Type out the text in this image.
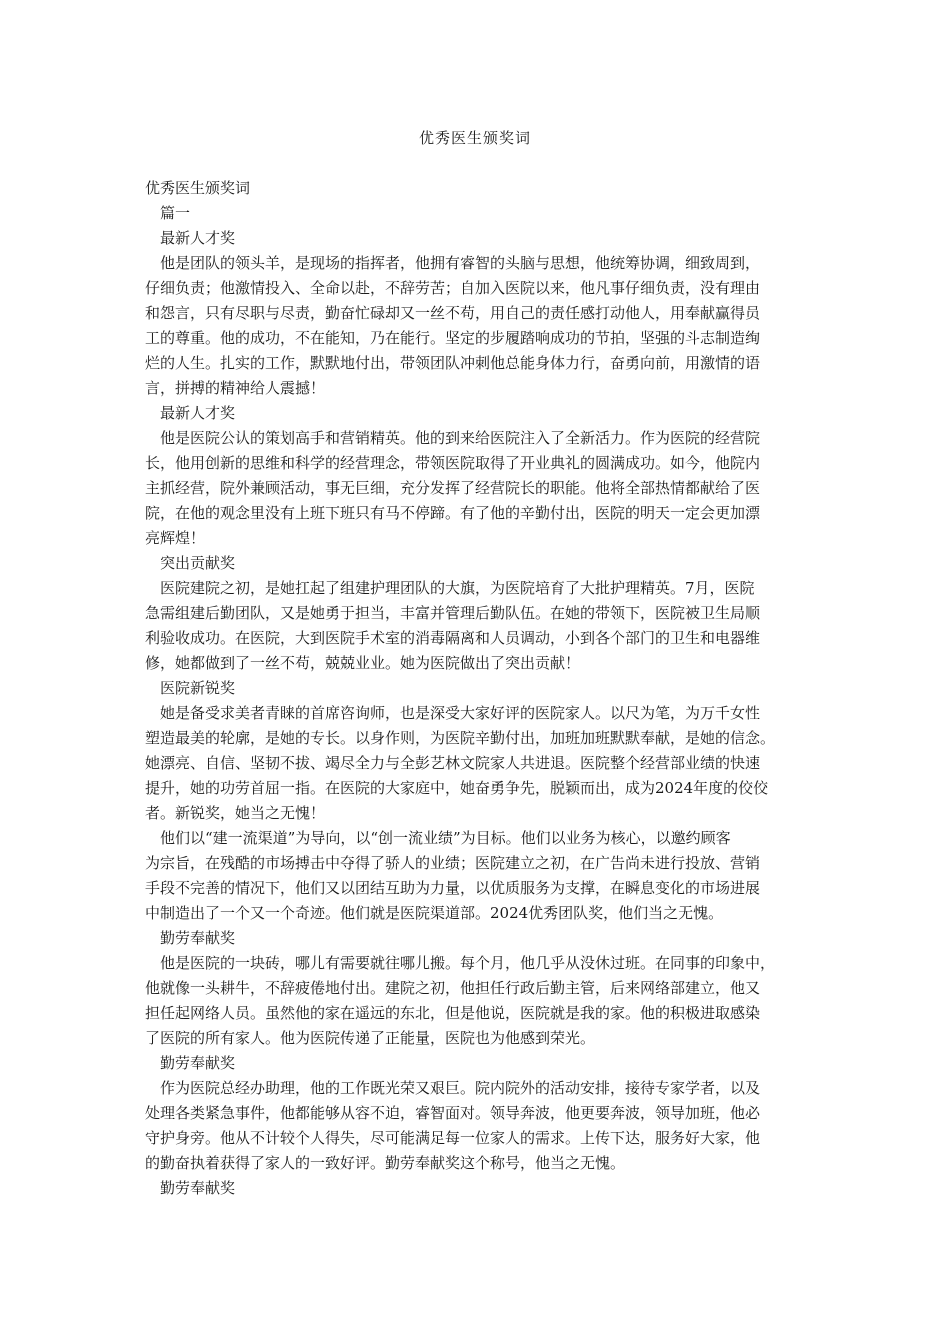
优秀医生颁奖词
优秀医生颁奖词
篇一
最新人才奖
他是团队的领头羊，是现场的指挥者，他拥有睿智的头脑与思想，他统筹协调，细致周到，
仔细负责；他激情投入、全命以赴，不辞劳苦；自加入医院以来，他凡事仔细负责，没有理由
和怨言，只有尽职与尽责，勤奋忙碌却又一丝不苟，用自己的责任感打动他人，用奉献赢得员
工的尊重。他的成功，不在能知，乃在能行。坚定的步履踏响成功的节拍，坚强的斗志制造绚
烂的人生。扎实的工作，默默地付出，带领团队冲刺他总能身体力行，奋勇向前，用激情的语
言，拼搏的精神给人震撼！
最新人才奖
他是医院公认的策划高手和营销精英。他的到来给医院注入了全新活力。作为医院的经营院
长，他用创新的思维和科学的经营理念，带领医院取得了开业典礼的圆满成功。如今，他院内
主抓经营，院外兼顾活动，事无巨细，充分发挥了经营院长的职能。他将全部热情都献给了医
院，在他的观念里没有上班下班只有马不停蹄。有了他的辛勤付出，医院的明天一定会更加漂
亮辉煌！
突出贡献奖
医院建院之初，是她扛起了组建护理团队的大旗，为医院培育了大批护理精英。7月，医院
急需组建后勤团队，又是她勇于担当，丰富并管理后勤队伍。在她的带领下，医院被卫生局顺
利验收成功。在医院，大到医院手术室的消毒隔离和人员调动，小到各个部门的卫生和电器维
修，她都做到了一丝不苟，兢兢业业。她为医院做出了突出贡献！
医院新锐奖
她是备受求美者青睐的首席咨询师，也是深受大家好评的医院家人。以尺为笔，为万千女性
塑造最美的轮廓，是她的专长。以身作则，为医院辛勤付出，加班加班默默奉献，是她的信念。
她漂亮、自信、坚韧不拔、竭尽全力与全彭艺林文院家人共进退。医院整个经营部业绩的快速
提升，她的功劳首屈一指。在医院的大家庭中，她奋勇争先，脱颖而出，成为2024年度的佼佼
者。新锐奖，她当之无愧！
他们以“建一流渠道”为导向，以“创一流业绩”为目标。他们以业务为核心，以邀约顾客
为宗旨，在残酷的市场搏击中夺得了骄人的业绩；医院建立之初，在广告尚未进行投放、营销
手段不完善的情况下，他们又以团结互助为力量，以优质服务为支撑，在瞬息变化的市场进展
中制造出了一个又一个奇迹。他们就是医院渠道部。2024优秀团队奖，他们当之无愧。
勤劳奉献奖
他是医院的一块砖，哪儿有需要就往哪儿搬。每个月，他几乎从没休过班。在同事的印象中，
他就像一头耕牛，不辞疲倦地付出。建院之初，他担任行政后勤主管，后来网络部建立，他又
担任起网络人员。虽然他的家在遥远的东北，但是他说，医院就是我的家。他的积极进取感染
了医院的所有家人。他为医院传递了正能量，医院也为他感到荣光。
勤劳奉献奖
作为医院总经办助理，他的工作既光荣又艰巨。院内院外的活动安排，接待专家学者，以及
处理各类紧急事件，他都能够从容不迫，睿智面对。领导奔波，他更要奔波，领导加班，他必
守护身旁。他从不计较个人得失，尽可能满足每一位家人的需求。上传下达，服务好大家，他
的勤奋执着获得了家人的一致好评。勤劳奉献奖这个称号，他当之无愧。
勤劳奉献奖
